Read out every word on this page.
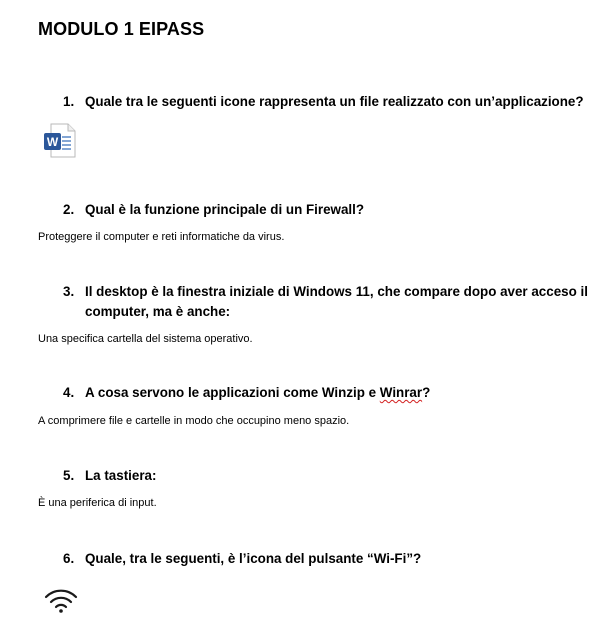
MODULO 1 EIPASS
1. Quale tra le seguenti icone rappresenta un file realizzato con un’applicazione?
W
2. Qual è la funzione principale di un Firewall?
Proteggere il computer e reti informatiche da virus.
3. Il desktop è la finestra iniziale di Windows 11, che compare dopo aver acceso il computer, ma è anche:
Una specifica cartella del sistema operativo.
4. A cosa servono le applicazioni come Winzip e Winrar?
A comprimere file e cartelle in modo che occupino meno spazio.
5. La tastiera:
È una periferica di input.
6. Quale, tra le seguenti, è l’icona del pulsante “Wi-Fi”?
